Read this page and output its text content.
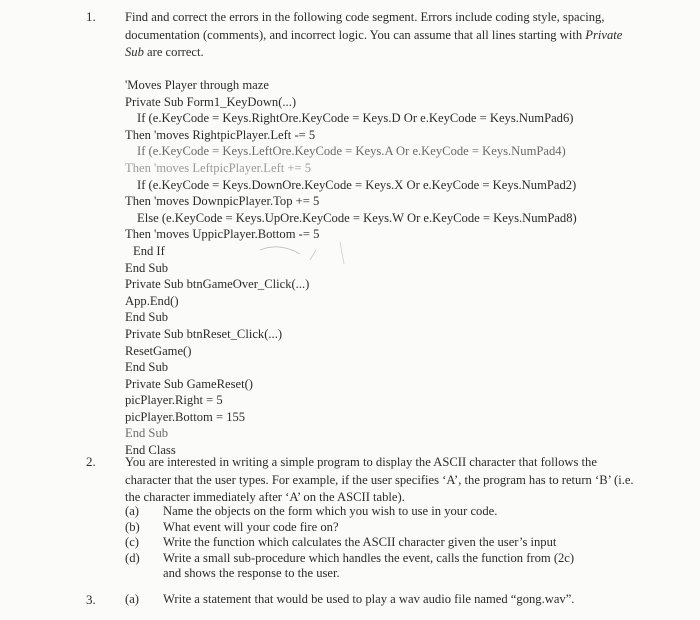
1. Find and correct the errors in the following code segment. Errors include coding style, spacing, documentation (comments), and incorrect logic. You can assume that all lines starting with Private Sub are correct.
'Moves Player through maze
Private Sub Form1_KeyDown(...)
If (e.KeyCode = Keys.RightOre.KeyCode = Keys.D Or e.KeyCode = Keys.NumPad6)
Then 'moves RightpicPlayer.Left -= 5
If (e.KeyCode = Keys.LeftOre.KeyCode = Keys.A Or e.KeyCode = Keys.NumPad4)
Then 'moves LeftpicPlayer.Left += 5
If (e.KeyCode = Keys.DownOre.KeyCode = Keys.X Or e.KeyCode = Keys.NumPad2)
Then 'moves DownpicPlayer.Top += 5
Else (e.KeyCode = Keys.UpOre.KeyCode = Keys.W Or e.KeyCode = Keys.NumPad8)
Then 'moves UppicPlayer.Bottom -= 5
End If
End Sub
Private Sub btnGameOver_Click(...)
App.End()
End Sub
Private Sub btnReset_Click(...)
ResetGame()
End Sub
Private Sub GameReset()
picPlayer.Right = 5
picPlayer.Bottom = 155
End Sub
End Class
2. You are interested in writing a simple program to display the ASCII character that follows the character that the user types. For example, if the user specifies ‘A’, the program has to return ‘B’ (i.e. the character immediately after ‘A’ on the ASCII table).
(a)	Name the objects on the form which you wish to use in your code.
(b)	What event will your code fire on?
(c)	Write the function which calculates the ASCII character given the user’s input
(d)	Write a small sub-procedure which handles the event, calls the function from (2c)
and shows the response to the user.
3. (a) Write a statement that would be used to play a wav audio file named “gong.wav”.
